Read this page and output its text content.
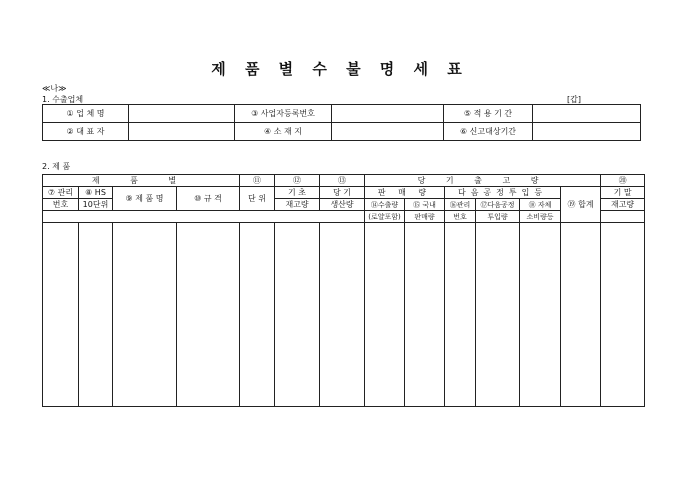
제 품 별 수 불 명 세 표
≪나≫
1. 수출업체	[갑]
① 업 체 명		③ 사업자등록번호		⑤ 적 용 기 간	
② 대 표 자		④ 소 재 지		⑥ 신고대상기간	
2. 제 품
제 품 별				⑪	⑫	⑬	당 기 출 고 량						⑳
⑦ 관리	⑧ HS	⑨ 제 품 명	⑩ 규 격	단 위	기 초	당 기	판 매 량		다음공정투입등			⑲ 합계	기 말
번호	10단위				재고량	생산량	⑭수출량	⑮ 국내	⑯관리	⑰다음공정	⑱ 자체		재고량
							(로얄포함)	판매량	번호	투입량	소비량등		
